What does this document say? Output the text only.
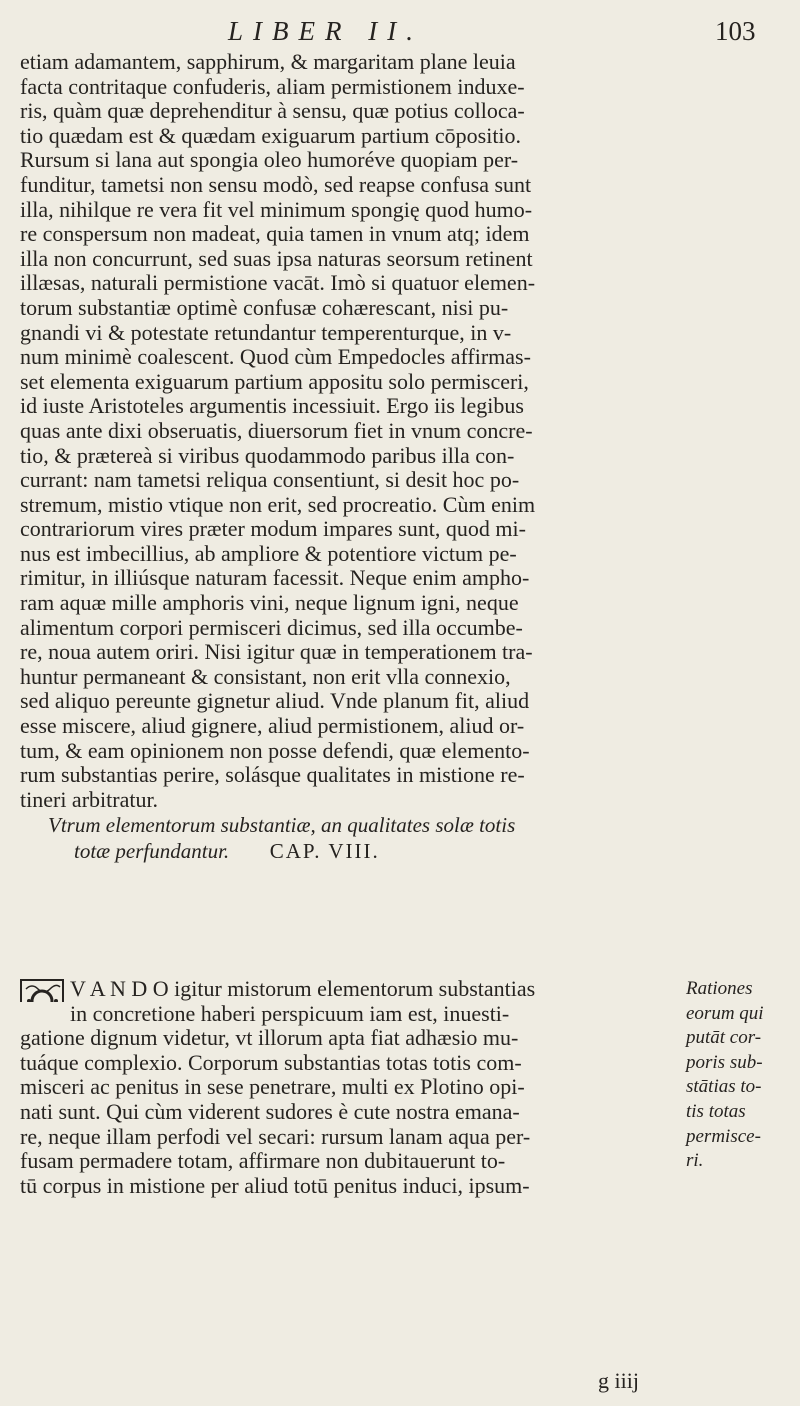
LIBER II.	103
etiam adamantem, sapphirum, & margaritam plane leuia
facta contritaque confuderis, aliam permistionem induxe-
ris, quàm quæ deprehenditur à sensu, quæ potius colloca-
tio quædam est & quædam exiguarum partium cōpositio.
Rursum si lana aut spongia oleo humoréve quopiam per-
funditur, tametsi non sensu modò, sed reapse confusa sunt
illa, nihilque re vera fit vel minimum spongię quod humo-
re conspersum non madeat, quia tamen in vnum atq; idem
illa non concurrunt, sed suas ipsa naturas seorsum retinent
illæsas, naturali permistione vacāt. Imò si quatuor elemen-
torum substantiæ optimè confusæ cohærescant, nisi pu-
gnandi vi & potestate retundantur temperenturque, in v-
num minimè coalescent. Quod cùm Empedocles affirmas-
set elementa exiguarum partium appositu solo permisceri,
id iuste Aristoteles argumentis incessiuit. Ergo iis legibus
quas ante dixi obseruatis, diuersorum fiet in vnum concre-
tio, & prætereà si viribus quodammodo paribus illa con-
currant: nam tametsi reliqua consentiunt, si desit hoc po-
stremum, mistio vtique non erit, sed procreatio. Cùm enim
contrariorum vires præter modum impares sunt, quod mi-
nus est imbecillius, ab ampliore & potentiore victum pe-
rimitur, in illiúsque naturam facessit. Neque enim ampho-
ram aquæ mille amphoris vini, neque lignum igni, neque
alimentum corpori permisceri dicimus, sed illa occumbe-
re, noua autem oriri. Nisi igitur quæ in temperationem tra-
huntur permaneant & consistant, non erit vlla connexio,
sed aliquo pereunte gignetur aliud. Vnde planum fit, aliud
esse miscere, aliud gignere, aliud permistionem, aliud or-
tum, & eam opinionem non posse defendi, quæ elemento-
rum substantias perire, solásque qualitates in mistione re-
tineri arbitratur.
Vtrum elementorum substantiæ, an qualitates solæ totis
totæ perfundantur. CAP. VIII.
V A N D O igitur mistorum elementorum substantias	Rationes
in concretione haberi perspicuum iam est, inuesti-	eorum qui
gatione dignum videtur, vt illorum apta fiat adhæsio mu-	putāt cor-
tuáque complexio. Corporum substantias totas totis com-	poris sub-
misceri ac penitus in sese penetrare, multi ex Plotino opi-	stātias to-
nati sunt. Qui cùm viderent sudores è cute nostra emana-	tis totas
re, neque illam perfodi vel secari: rursum lanam aqua per-	permisce-
fusam permadere totam, affirmare non dubitauerunt to-	ri.
tū corpus in mistione per aliud totū penitus induci, ipsum-
g iiij
